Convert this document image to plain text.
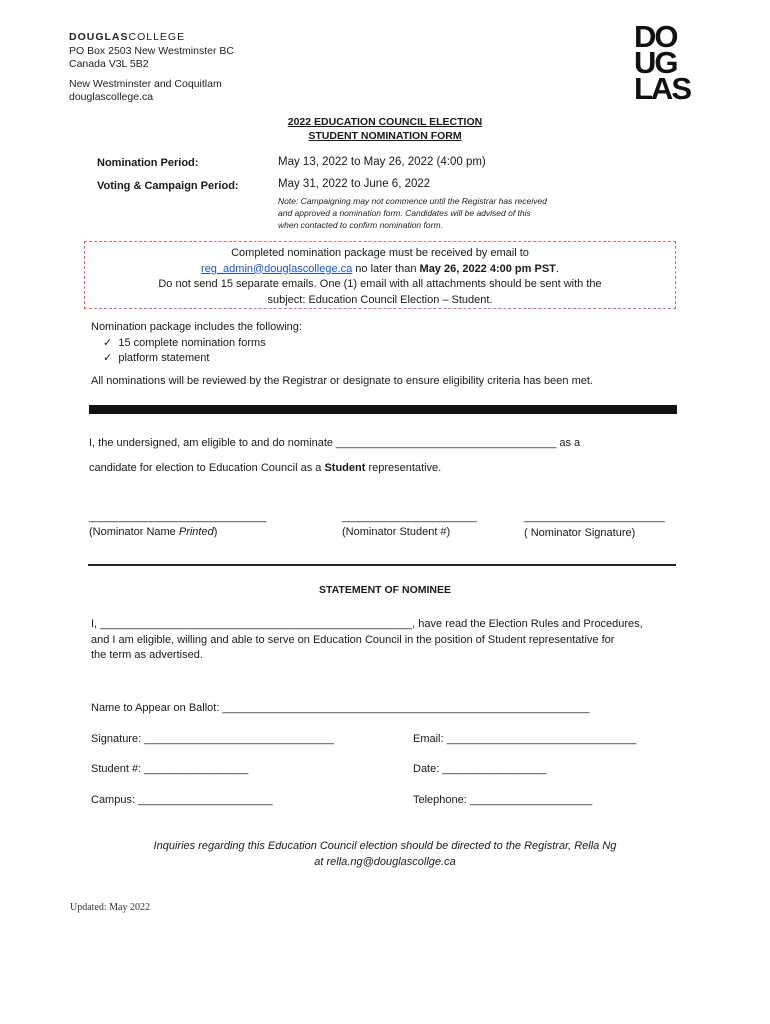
DOUGLASCOLLEGE
PO Box 2503 New Westminster BC
Canada V3L 5B2
New Westminster and Coquitlam
douglascollege.ca
DO
UG
LAS
2022 EDUCATION COUNCIL ELECTION
STUDENT NOMINATION FORM
Nomination Period:	May 13, 2022 to May 26, 2022 (4:00 pm)
Voting & Campaign Period:	May 31, 2022 to June 6, 2022
Note: Campaigning may not commence until the Registrar has received
and approved a nomination form. Candidates will be advised of this
when contacted to confirm nomination form.
Completed nomination package must be received by email to
reg_admin@douglascollege.ca no later than May 26, 2022 4:00 pm PST.
Do not send 15 separate emails. One (1) email with all attachments should be sent with the
subject: Education Council Election – Student.
Nomination package includes the following:
✓ 15 complete nomination forms
✓ platform statement
All nominations will be reviewed by the Registrar or designate to ensure eligibility criteria has been met.
I, the undersigned, am eligible to and do nominate ____________________________________ as a
candidate for election to Education Council as a Student representative.
_____________________________
(Nominator Name Printed)
______________________
(Nominator Student #)
_______________________
( Nominator Signature)
STATEMENT OF NOMINEE
I, ___________________________________________________, have read the Election Rules and Procedures,
and I am eligible, willing and able to serve on Education Council in the position of Student representative for
the term as advertised.
Name to Appear on Ballot: ____________________________________________________________
Signature: _______________________________	Email: _______________________________
Student #: _________________	Date: _________________
Campus: ______________________	Telephone: ____________________
Inquiries regarding this Education Council election should be directed to the Registrar, Rella Ng
at rella.ng@douglascollge.ca
Updated: May 2022
